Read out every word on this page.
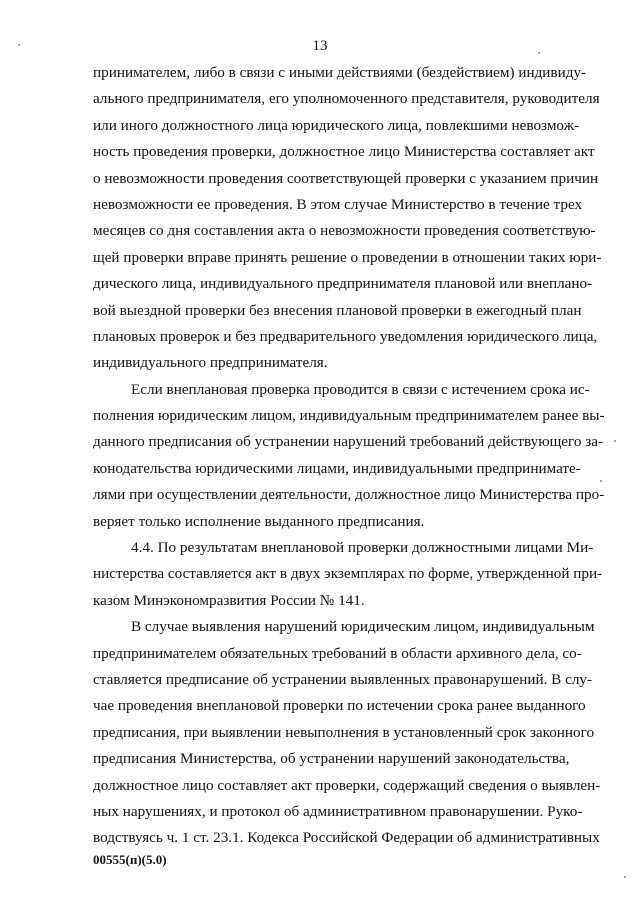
13
принимателем, либо в связи с иными действиями (бездействием) индивиду-
ального предпринимателя, его уполномоченного представителя, руководителя
или иного должностного лица юридического лица, повлекшими невозмож-
ность проведения проверки, должностное лицо Министерства составляет акт
о невозможности проведения соответствующей проверки с указанием причин
невозможности ее проведения. В этом случае Министерство в течение трех
месяцев со дня составления акта о невозможности проведения соответствую-
щей проверки вправе принять решение о проведении в отношении таких юри-
дического лица, индивидуального предпринимателя плановой или внеплано-
вой выездной проверки без внесения плановой проверки в ежегодный план
плановых проверок и без предварительного уведомления юридического лица,
индивидуального предпринимателя.
Если внеплановая проверка проводится в связи с истечением срока ис-
полнения юридическим лицом, индивидуальным предпринимателем ранее вы-
данного предписания об устранении нарушений требований действующего за-
конодательства юридическими лицами, индивидуальными предпринимате-
лями при осуществлении деятельности, должностное лицо Министерства про-
веряет только исполнение выданного предписания.
4.4. По результатам внеплановой проверки должностными лицами Ми-
нистерства составляется акт в двух экземплярах по форме, утвержденной при-
казом Минэкономразвития России № 141.
В случае выявления нарушений юридическим лицом, индивидуальным
предпринимателем обязательных требований в области архивного дела, со-
ставляется предписание об устранении выявленных правонарушений. В слу-
чае проведения внеплановой проверки по истечении срока ранее выданного
предписания, при выявлении невыполнения в установленный срок законного
предписания Министерства, об устранении нарушений законодательства,
должностное лицо составляет акт проверки, содержащий сведения о выявлен-
ных нарушениях, и протокол об административном правонарушении. Руко-
водствуясь ч. 1 ст. 23.1. Кодекса Российской Федерации об административных
00555(п)(5.0)
